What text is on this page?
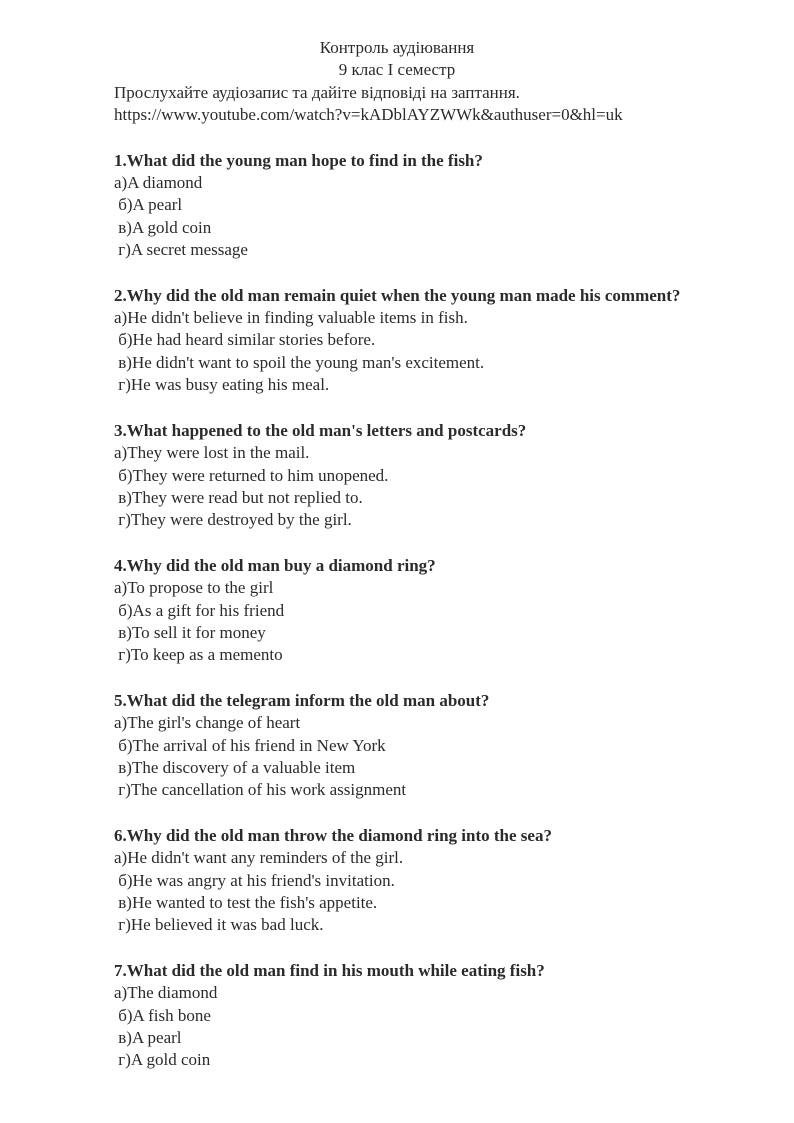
Контроль аудіювання
9 клас І семестр
Прослухайте аудіозапис та дайіте відповіді на заптання.
https://www.youtube.com/watch?v=kADblAYZWWk&authuser=0&hl=uk
1.What did the young man hope to find in the fish?
а)A diamond
б)A pearl
в)A gold coin
г)A secret message
2.Why did the old man remain quiet when the young man made his comment?
а)He didn't believe in finding valuable items in fish.
б)He had heard similar stories before.
в)He didn't want to spoil the young man's excitement.
г)He was busy eating his meal.
3.What happened to the old man's letters and postcards?
а)They were lost in the mail.
б)They were returned to him unopened.
в)They were read but not replied to.
г)They were destroyed by the girl.
4.Why did the old man buy a diamond ring?
а)To propose to the girl
б)As a gift for his friend
в)To sell it for money
г)To keep as a memento
5.What did the telegram inform the old man about?
а)The girl's change of heart
б)The arrival of his friend in New York
в)The discovery of a valuable item
г)The cancellation of his work assignment
6.Why did the old man throw the diamond ring into the sea?
а)He didn't want any reminders of the girl.
б)He was angry at his friend's invitation.
в)He wanted to test the fish's appetite.
г)He believed it was bad luck.
7.What did the old man find in his mouth while eating fish?
а)The diamond
б)A fish bone
в)A pearl
г)A gold coin
